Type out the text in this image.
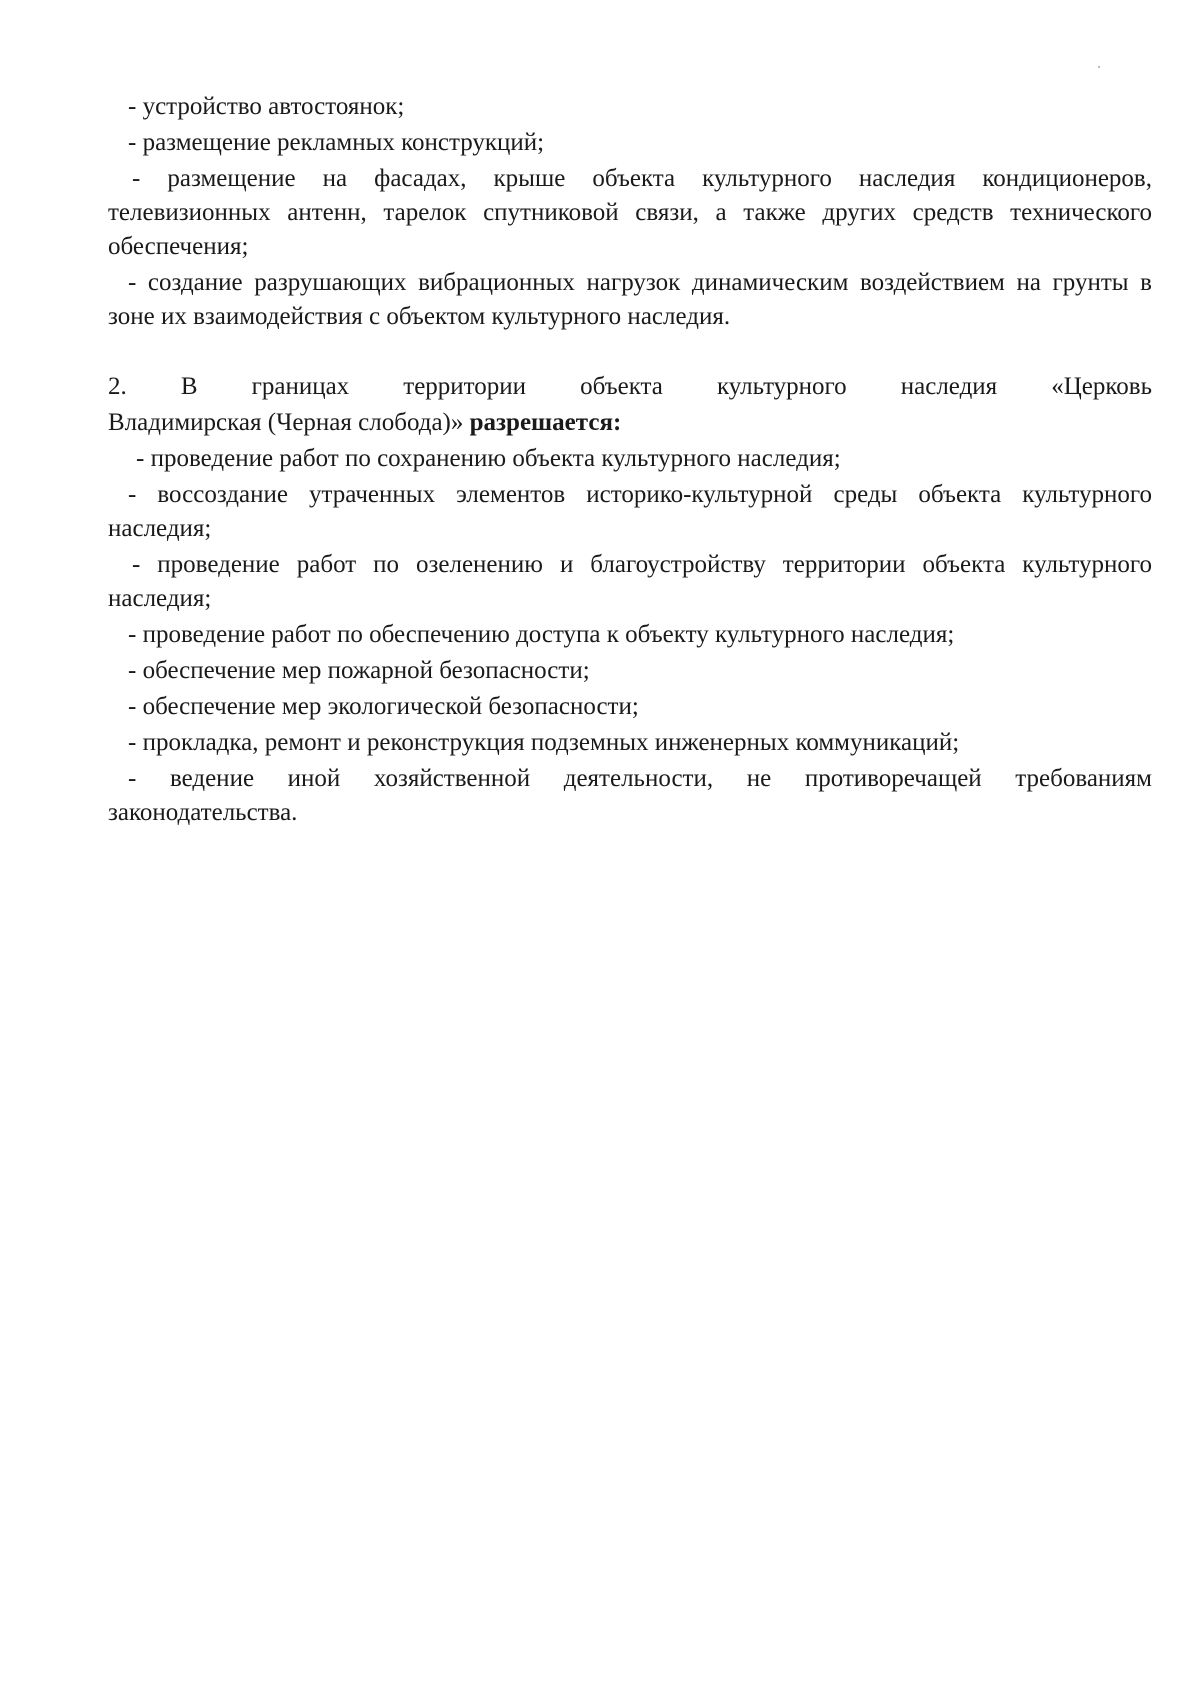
- устройство автостоянок;

- размещение рекламных конструкций;

- размещение на фасадах, крыше объекта культурного наследия кондиционеров, телевизионных антенн, тарелок спутниковой связи, а также других средств технического обеспечения;

- создание разрушающих вибрационных нагрузок динамическим воздействием на грунты в зоне их взаимодействия с объектом культурного наследия.

2. В границах территории объекта культурного наследия «Церковь

Владимирская (Черная слобода)» разрешается:

- проведение работ по сохранению объекта культурного наследия;

- воссоздание утраченных элементов историко-культурной среды объекта культурного наследия;

- проведение работ по озеленению и благоустройству территории объекта культурного наследия;

- проведение работ по обеспечению доступа к объекту культурного наследия;

- обеспечение мер пожарной безопасности;

- обеспечение мер экологической безопасности;

- прокладка, ремонт и реконструкция подземных инженерных коммуникаций;

- ведение иной хозяйственной деятельности, не противоречащей требованиям законодательства.
